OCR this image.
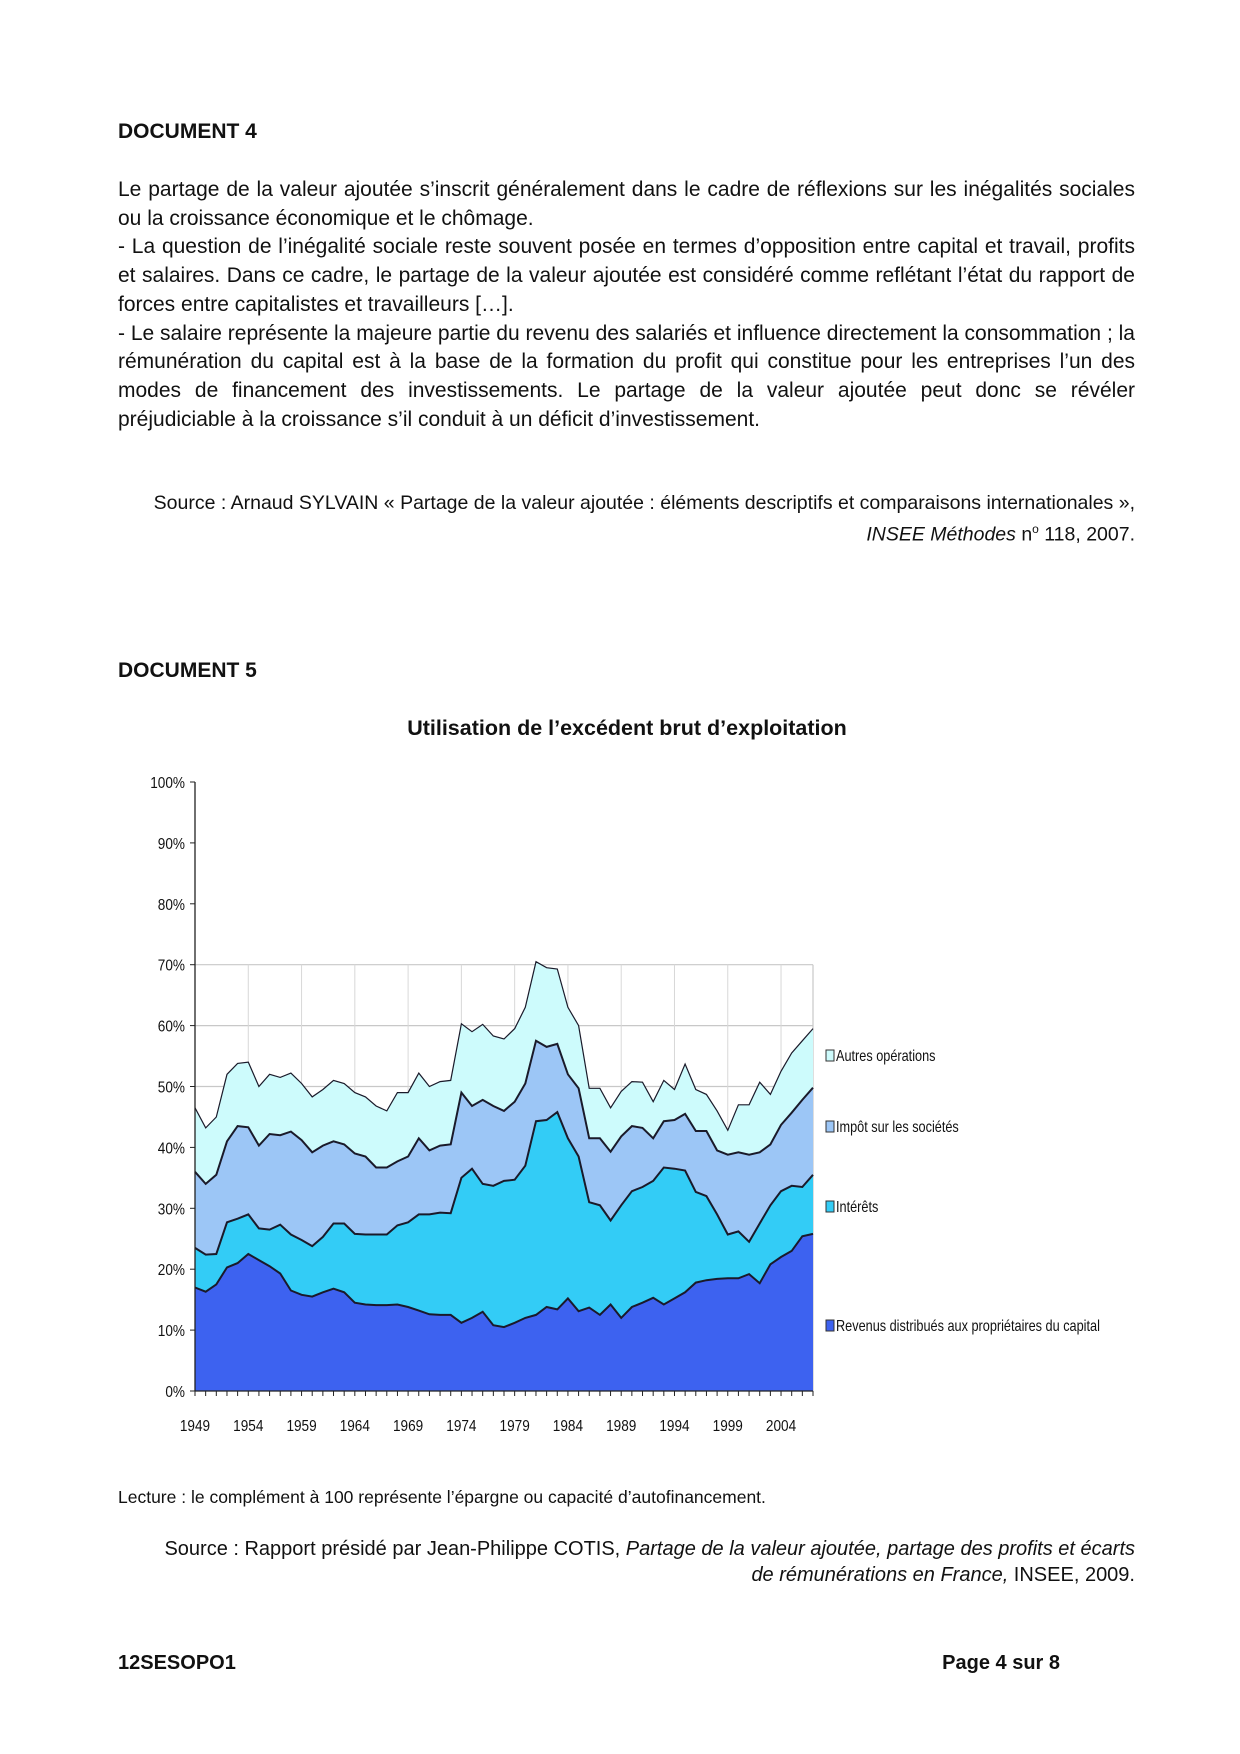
DOCUMENT 4

Le partage de la valeur ajoutée s’inscrit généralement dans le cadre de réflexions sur les inégalités sociales ou la croissance économique et le chômage.

- La question de l’inégalité sociale reste souvent posée en termes d’opposition entre capital et travail, profits et salaires. Dans ce cadre, le partage de la valeur ajoutée est considéré comme reflétant l’état du rapport de forces entre capitalistes et travailleurs […].

- Le salaire représente la majeure partie du revenu des salariés et influence directement la consommation ; la rémunération du capital est à la base de la formation du profit qui constitue pour les entreprises l’un des modes de financement des investissements. Le partage de la valeur ajoutée peut donc se révéler préjudiciable à la croissance s’il conduit à un déficit d’investissement.

Source : Arnaud SYLVAIN « Partage de la valeur ajoutée : éléments descriptifs et comparaisons internationales », INSEE Méthodes $n^o$ 118, 2007.
DOCUMENT 5
Utilisation de l’excédent brut d’exploitation
0%
10%
20%
30%
40%
50%
60%
70%
80%
90%
100%
1949 1954 1959 1964 1969 1974 1979 1984 1989 1994 1999 2004
Autres opérations
Impôt sur les sociétés
Intérêts
Revenus distribués aux propriétaires du capital
Lecture : le complément à 100 représente l’épargne ou capacité d’autofinancement.
Source : Rapport présidé par Jean-Philippe COTIS, Partage de la valeur ajoutée, partage des profits et écarts de rémunérations en France, INSEE, 2009.
12SESOPO1	Page 4 sur 8
